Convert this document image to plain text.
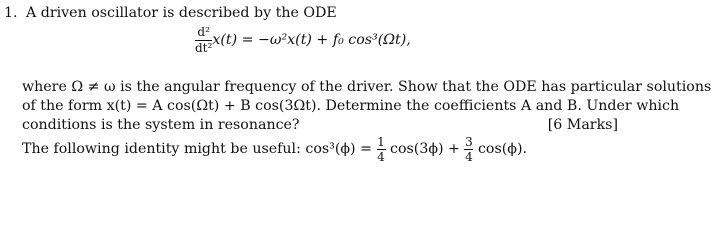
1. A driven oscillator is described by the ODE
$\frac{\text{d²}}{\text{dt²}} x(t) = -\omega^2x(t) + f_0$ cos³(Ωt),
where Ω ≠ ω is the angular frequency of the driver. Show that the ODE has particular solutions
of the form x(t) = A cos(Ωt) + B cos(3Ωt). Determine the coefficients A and B. Under which
conditions is the system in resonance?	[6 Marks]
The following identity might be useful: $\cos^3(\phi) = \frac{1}{4} \cos(3\phi) + \frac{3}{4} \cos(\phi)$.
